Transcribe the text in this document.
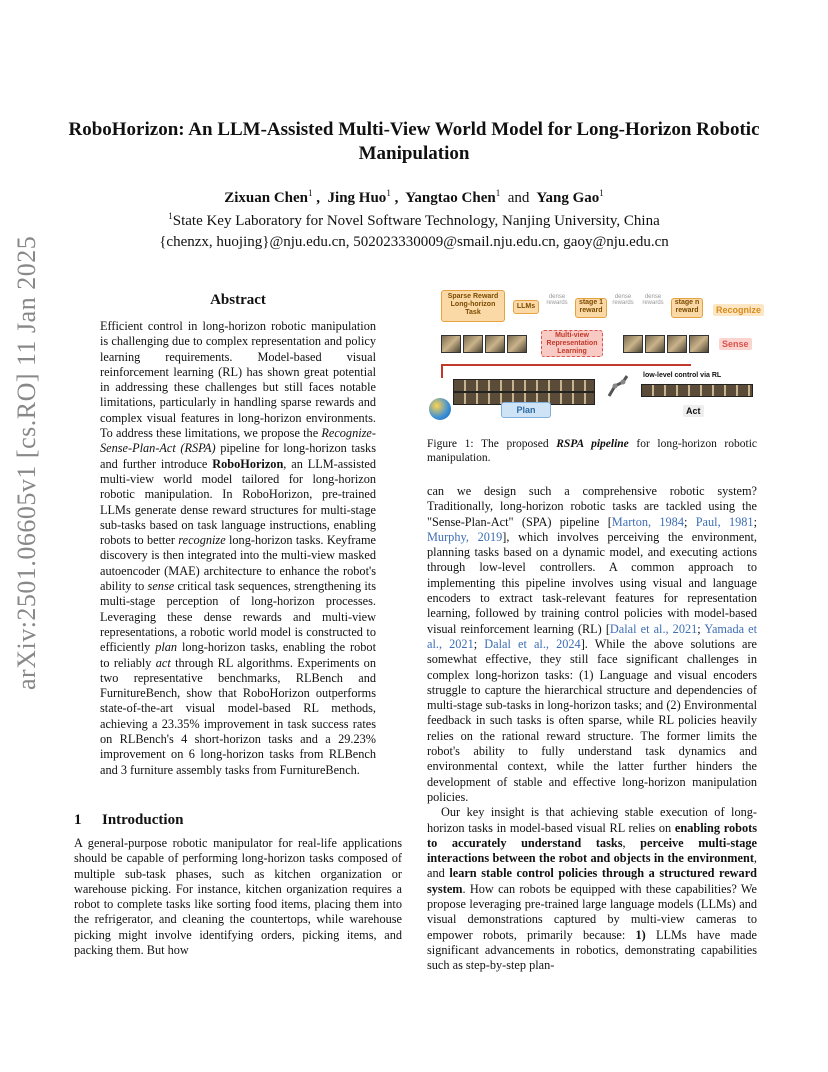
RoboHorizon: An LLM-Assisted Multi-View World Model for Long-Horizon Robotic Manipulation
Zixuan Chen$^1$ ,  Jing Huo$^1$ ,  Yangtao Chen$^1$ and Yang Gao$^1$
$^1$State Key Laboratory for Novel Software Technology, Nanjing University, China
{chenzx, huojing}@nju.edu.cn, 502023330009@smail.nju.edu.cn, gaoy@nju.edu.cn
arXiv:2501.06605v1 [cs.RO] 11 Jan 2025	Abstract
Efficient control in long-horizon robotic manipulation is challenging due to complex representation and policy learning requirements. Model-based visual reinforcement learning (RL) has shown great potential in addressing these challenges but still faces notable limitations, particularly in handling sparse rewards and complex visual features in long-horizon environments. To address these limitations, we propose the Recognize-Sense-Plan-Act (RSPA) pipeline for long-horizon tasks and further introduce RoboHorizon, an LLM-assisted multi-view world model tailored for long-horizon robotic manipulation. In RoboHorizon, pre-trained LLMs generate dense reward structures for multi-stage sub-tasks based on task language instructions, enabling robots to better recognize long-horizon tasks. Keyframe discovery is then integrated into the multi-view masked autoencoder (MAE) architecture to enhance the robot's ability to sense critical task sequences, strengthening its multi-stage perception of long-horizon processes. Leveraging these dense rewards and multi-view representations, a robotic world model is constructed to efficiently plan long-horizon tasks, enabling the robot to reliably act through RL algorithms. Experiments on two representative benchmarks, RLBench and FurnitureBench, show that RoboHorizon outperforms state-of-the-art visual model-based RL methods, achieving a 23.35% improvement in task success rates on RLBench's 4 short-horizon tasks and a 29.23% improvement on 6 long-horizon tasks from RLBench and 3 furniture assembly tasks from FurnitureBench.
1 Introduction
A general-purpose robotic manipulator for real-life applications should be capable of performing long-horizon tasks composed of multiple sub-task phases, such as kitchen organization or warehouse picking. For instance, kitchen organization requires a robot to complete tasks like sorting food items, placing them into the refrigerator, and cleaning the countertops, while warehouse picking might involve identifying orders, picking items, and packing them. But how
Sparse Reward Long-horizon Task
LLMs
dense rewards	stage 1 reward
dense rewards
dense rewards	stage n reward	Recognize
Multi-view Representation Learning
Sense
low-level control via RL
Plan	Act
Figure 1: The proposed RSPA pipeline for long-horizon robotic manipulation.

can we design such a comprehensive robotic system? Traditionally, long-horizon robotic tasks are tackled using the "Sense-Plan-Act" (SPA) pipeline [Marton, 1984; Paul, 1981; Murphy, 2019], which involves perceiving the environment, planning tasks based on a dynamic model, and executing actions through low-level controllers. A common approach to implementing this pipeline involves using visual and language encoders to extract task-relevant features for representation learning, followed by training control policies with model-based visual reinforcement learning (RL) [Dalal et al., 2021; Yamada et al., 2021; Dalal et al., 2024]. While the above solutions are somewhat effective, they still face significant challenges in complex long-horizon tasks: (1) Language and visual encoders struggle to capture the hierarchical structure and dependencies of multi-stage sub-tasks in long-horizon tasks; and (2) Environmental feedback in such tasks is often sparse, while RL policies heavily relies on the rational reward structure. The former limits the robot's ability to fully understand task dynamics and environmental context, while the latter further hinders the development of stable and effective long-horizon manipulation policies.

Our key insight is that achieving stable execution of long-horizon tasks in model-based visual RL relies on enabling robots to accurately understand tasks, perceive multi-stage interactions between the robot and objects in the environment, and learn stable control policies through a structured reward system. How can robots be equipped with these capabilities? We propose leveraging pre-trained large language models (LLMs) and visual demonstrations captured by multi-view cameras to empower robots, primarily because: 1) LLMs have made significant advancements in robotics, demonstrating capabilities such as step-by-step plan-
